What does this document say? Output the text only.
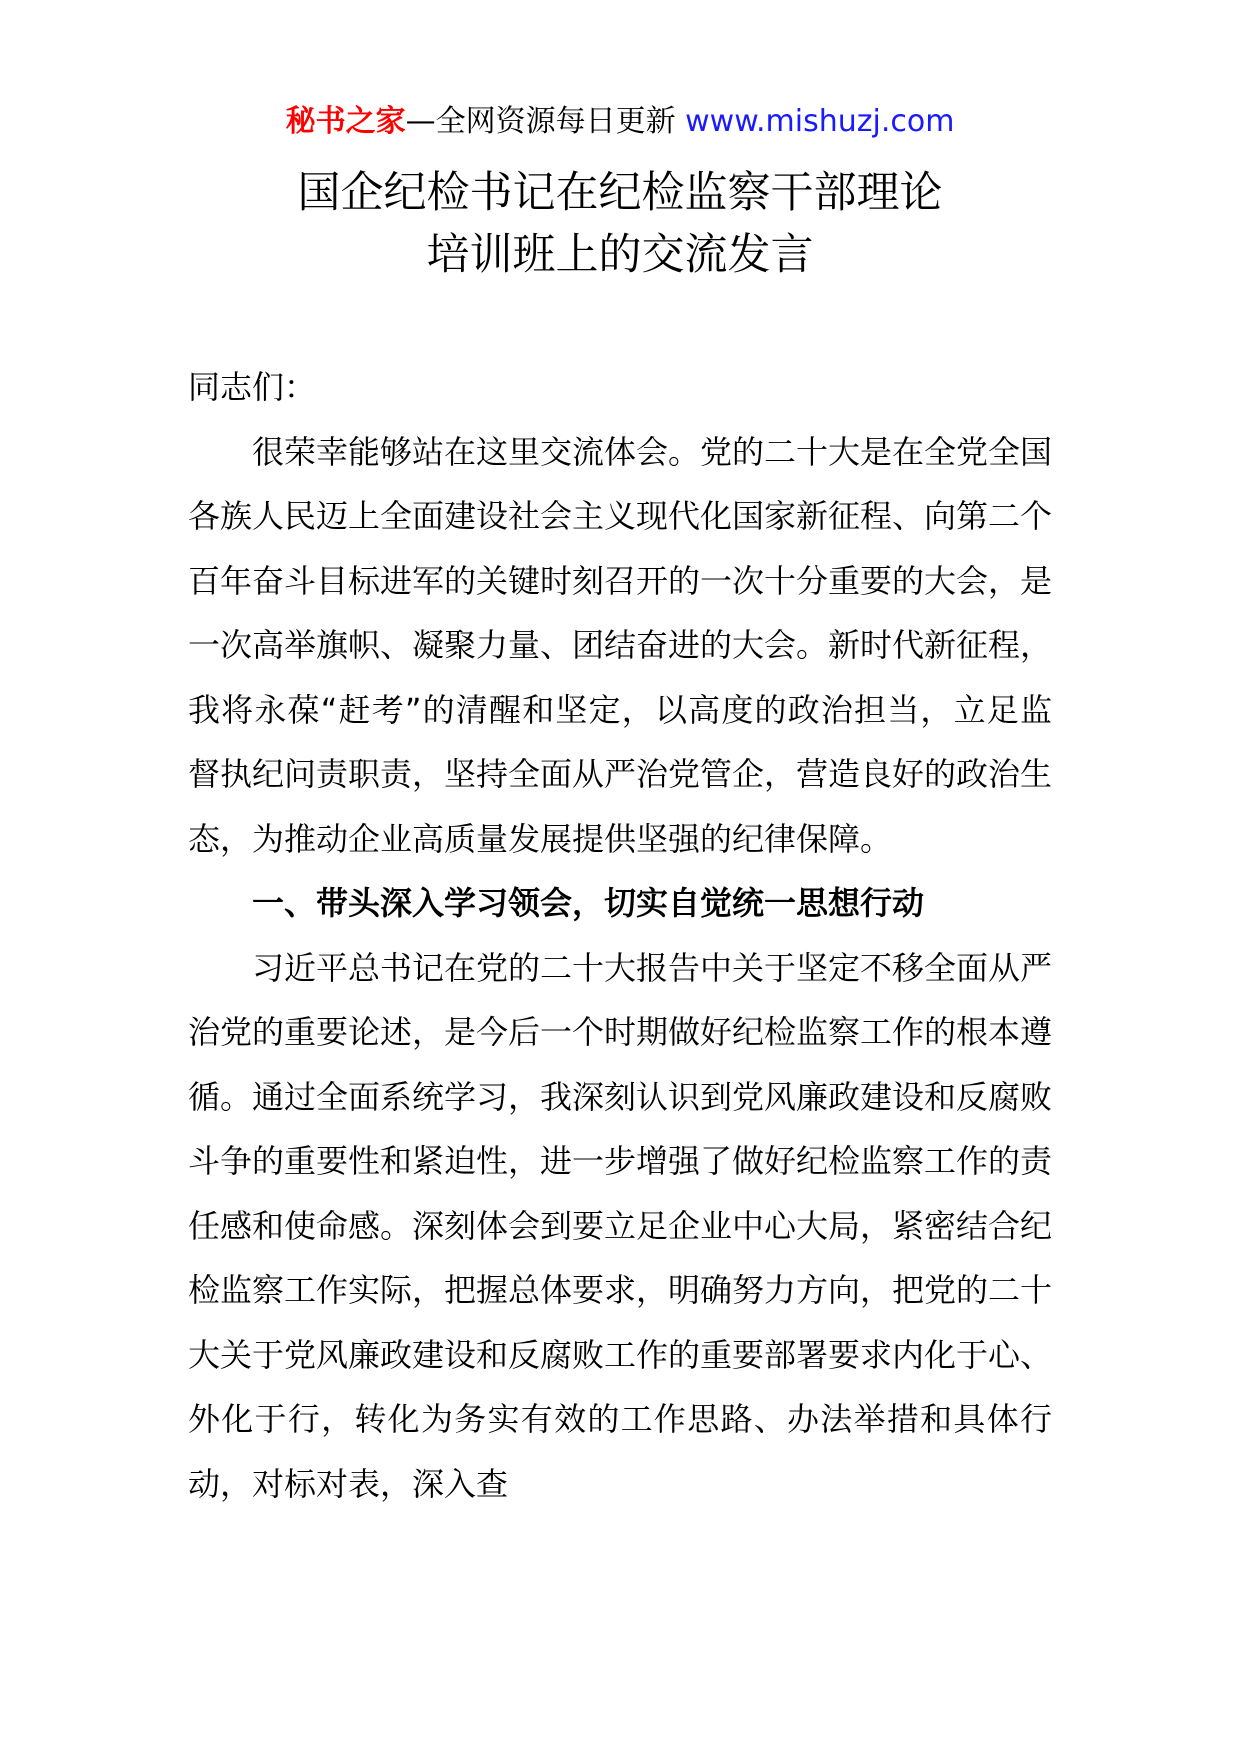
秘书之家—全网资源每日更新 www.mishuzj.com
国企纪检书记在纪检监察干部理论
培训班上的交流发言

同志们：

很荣幸能够站在这里交流体会。党的二十大是在全党全国各族人民迈上全面建设社会主义现代化国家新征程、向第二个百年奋斗目标进军的关键时刻召开的一次十分重要的大会，是一次高举旗帜、凝聚力量、团结奋进的大会。新时代新征程，我将永葆“赶考”的清醒和坚定，以高度的政治担当，立足监督执纪问责职责，坚持全面从严治党管企，营造良好的政治生态，为推动企业高质量发展提供坚强的纪律保障。

一、带头深入学习领会，切实自觉统一思想行动

习近平总书记在党的二十大报告中关于坚定不移全面从严治党的重要论述，是今后一个时期做好纪检监察工作的根本遵循。通过全面系统学习，我深刻认识到党风廉政建设和反腐败斗争的重要性和紧迫性，进一步增强了做好纪检监察工作的责任感和使命感。深刻体会到要立足企业中心大局，紧密结合纪检监察工作实际，把握总体要求，明确努力方向，把党的二十大关于党风廉政建设和反腐败工作的重要部署要求内化于心、外化于行，转化为务实有效的工作思路、办法举措和具体行动，对标对表，深入查
